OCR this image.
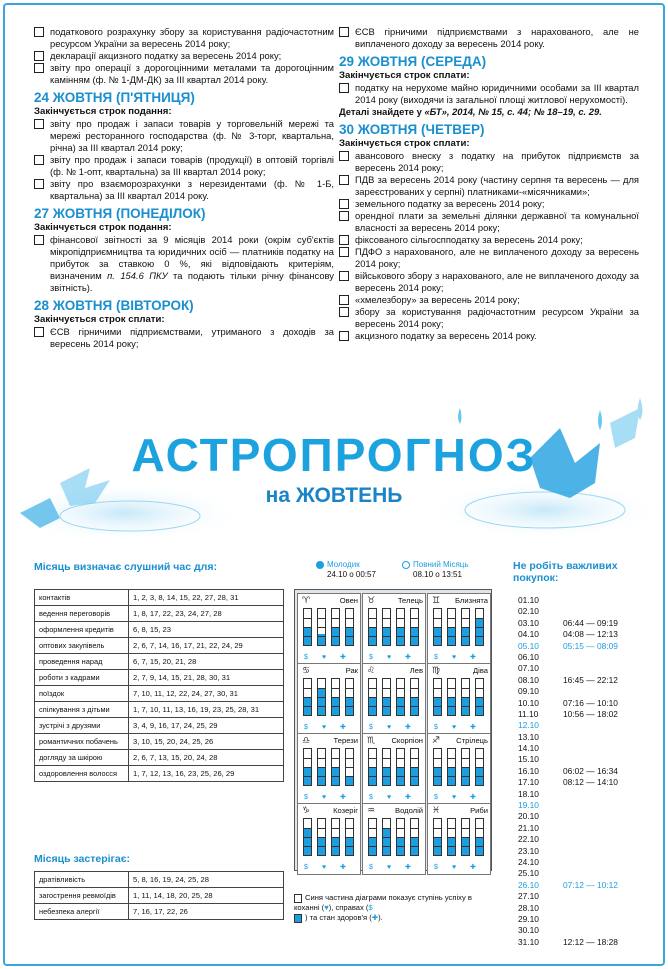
податкового розрахунку збору за користування радіочастотним ресурсом України за вересень 2014 року;
декларації акцизного податку за вересень 2014 року;
звіту про операції з дорогоцінними металами та дорогоцінним камінням (ф. № 1-ДМ-ДК) за III квартал 2014 року.
24 ЖОВТНЯ (П'ЯТНИЦЯ)
Закінчується строк подання:
звіту про продаж і запаси товарів у торговельній мережі та мережі ресторанного господарства (ф. № 3-торг, квартальна, річна) за III квартал 2014 року;
звіту про продаж і запаси товарів (продукції) в оптовій торгівлі (ф. № 1-опт, квартальна) за III квартал 2014 року;
звіту про взаєморозрахунки з нерезидентами (ф. № 1-Б, квартальна) за III квартал 2014 року.
27 ЖОВТНЯ (ПОНЕДІЛОК)
Закінчується строк подання:
фінансової звітності за 9 місяців 2014 роки (окрім суб'єктів мікропідприємництва та юридичних осіб — платників податку на прибуток за ставкою 0 %, які відповідають критеріям, визначеним п. 154.6 ПКУ та подають тільки річну фінансову звітність).
28 ЖОВТНЯ (ВІВТОРОК)
Закінчується строк сплати:
ЄСВ гірничими підприємствами, утриманого з доходів за вересень 2014 року;
ЄСВ гірничими підприємствами з нарахованого, але не виплаченого доходу за вересень 2014 року.
29 ЖОВТНЯ (СЕРЕДА)
Закінчується строк сплати:
податку на нерухоме майно юридичними особами за III квартал 2014 року (виходячи із загальної площі житлової нерухомості).
Деталі знайдете у «БТ», 2014, № 15, с. 44; № 18–19, с. 29.
30 ЖОВТНЯ (ЧЕТВЕР)
Закінчується строк сплати:
авансового внеску з податку на прибуток підприємств за вересень 2014 року;
ПДВ за вересень 2014 року (частину серпня та вересень — для зареєстрованих у серпні) платниками-«місячниками»;
земельного податку за вересень 2014 року;
орендної плати за земельні ділянки державної та комунальної власності за вересень 2014 року;
фіксованого сільгоспподатку за вересень 2014 року;
ПДФО з нарахованого, але не виплаченого доходу за вересень 2014 року;
військового збору з нарахованого, але не виплаченого доходу за вересень 2014 року;
«хмелезбору» за вересень 2014 року;
збору за користування радіочастотним ресурсом України за вересень 2014 року;
акцизного податку за вересень 2014 року.
АСТРОПРОГНОЗ
на ЖОВТЕНЬ
Місяць визначає слушний час для:
контактів	1, 2, 3, 8, 14, 15, 22, 27, 28, 31
ведення переговорів	1, 8, 17, 22, 23, 24, 27, 28
оформлення кредитів	6, 8, 15, 23
оптових закупівель	2, 6, 7, 14, 16, 17, 21, 22, 24, 29
проведення нарад	6, 7, 15, 20, 21, 28
роботи з кадрами	2, 7, 9, 14, 15, 21, 28, 30, 31
поїздок	7, 10, 11, 12, 22, 24, 27, 30, 31
спілкування з дітьми	1, 7, 10, 11, 13, 16, 19, 23, 25, 28, 31
зустрічі з друзями	3, 4, 9, 16, 17, 24, 25, 29
романтичних побачень	3, 10, 15, 20, 24, 25, 26
догляду за шкірою	2, 6, 7, 13, 15, 20, 24, 28
оздоровлення волосся	1, 7, 12, 13, 16, 23, 25, 26, 29
Місяць застерігає:
дратівливість	5, 8, 16, 19, 24, 25, 28
загострення ревмоїдів	1, 11, 14, 18, 20, 25, 28
небезпека алергії	7, 16, 17, 22, 26
Молодик
24.10 о 00:57
Повний Місяць
08.10 о 13:51
♈	Овен
$ ♥ ✚
♉	Телець
$ ♥ ✚
♊	Близнята
$ ♥ ✚
♋	Рак
$ ♥ ✚
♌	Лев
$ ♥ ✚
♍	Діва
$ ♥ ✚
♎	Терези
$ ♥ ✚
♏	Скорпіон
$ ♥ ✚
♐	Стрілець
$ ♥ ✚
♑	Козеріг
$ ♥ ✚
♒	Водолій
$ ♥ ✚
♓	Риби
$ ♥ ✚
Синя частина діаграми показує ступінь успіху в коханні (♥), справах ($
) та стан здоров'я (✚).
Не робіть важливих покупок:
01.10
02.10
03.10	06:44 — 09:19
04.10	04:08 — 12:13
05.10	05:15 — 08:09
06.10
07.10
08.10	16:45 — 22:12
09.10
10.10	07:16 — 10:10
11.10	10:56 — 18:02
12.10
13.10
14.10
15.10
16.10	06:02 — 16:34
17.10	08:12 — 14:10
18.10
19.10
20.10
21.10
22.10
23.10
24.10
25.10
26.10	07:12 — 10:12
27.10
28.10
29.10
30.10
31.10	12:12 — 18:28
